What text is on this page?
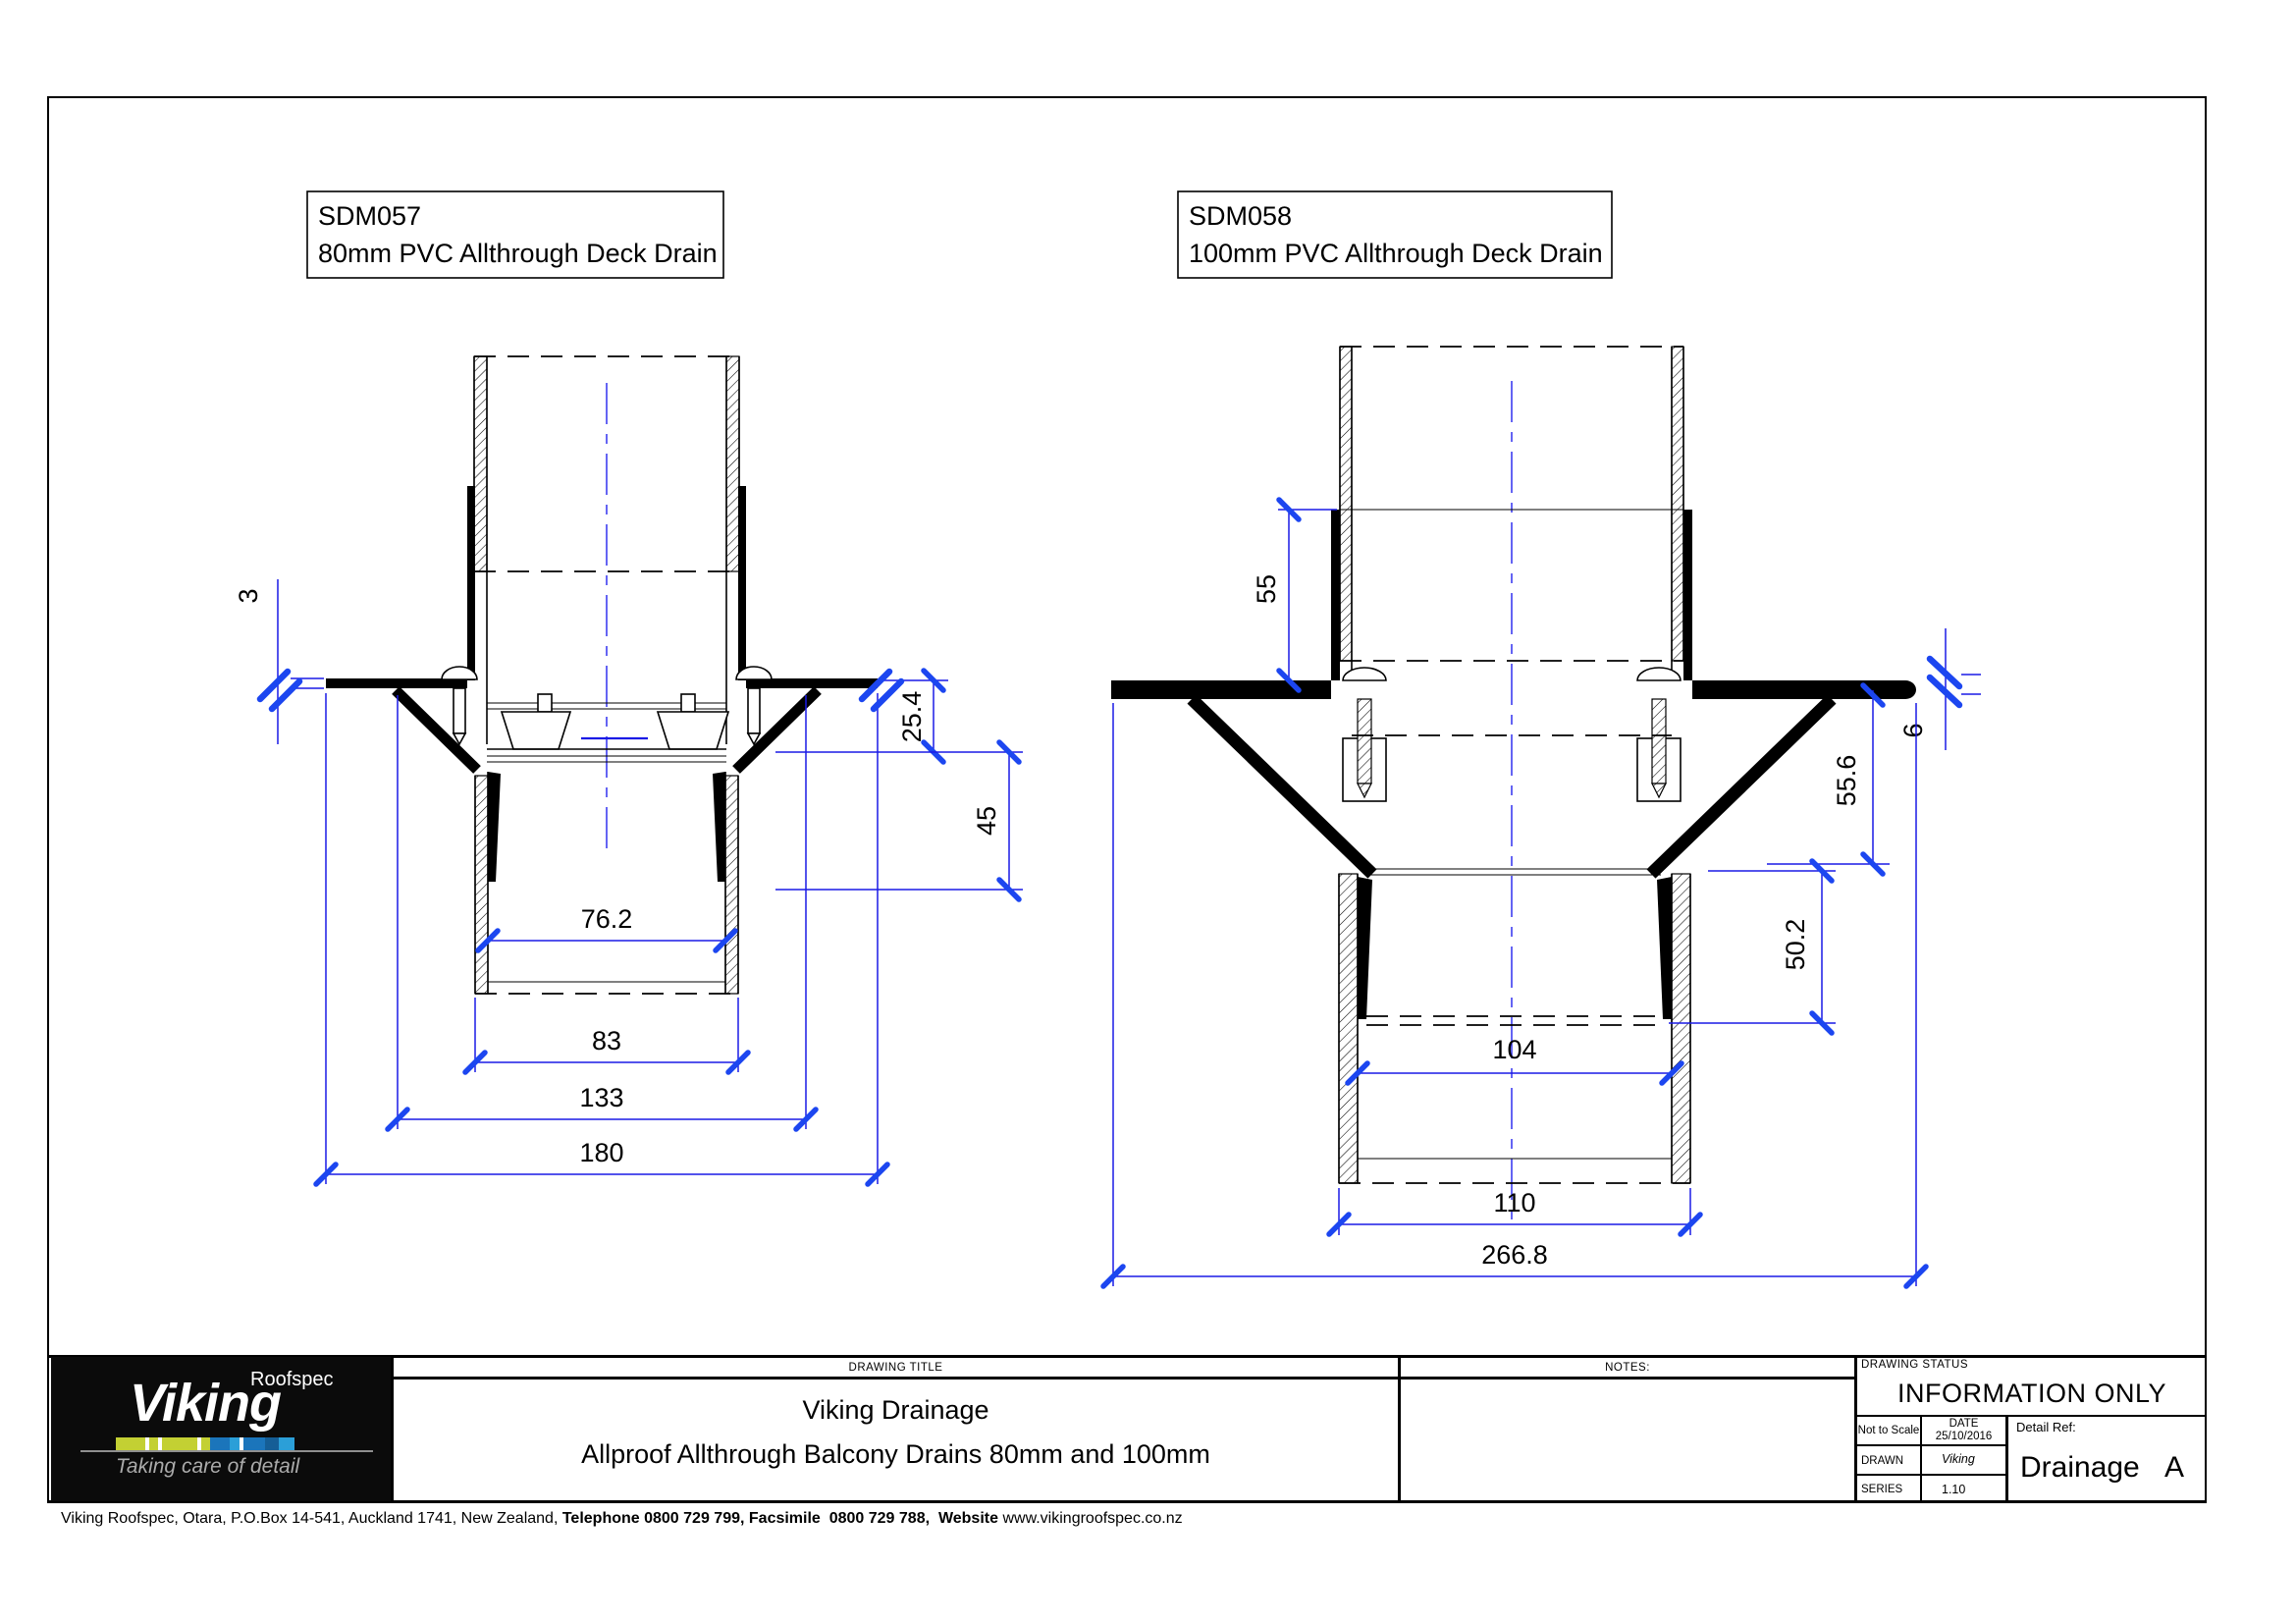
SDM057
80mm PVC Allthrough Deck Drain
76.2
83
133
180
25.4
45
3
SDM058
100mm PVC Allthrough Deck Drain
55
6
55.6
50.2
104
110
266.8
Roofspec
Viking
Taking care of detail
DRAWING TITLE
Viking Drainage
Allproof Allthrough Balcony Drains 80mm and 100mm
NOTES:	DRAWING STATUS
INFORMATION ONLY
Not to Scale
DATE
25/10/2016
DRAWN	Viking
SERIES	1.10
Detail Ref:
Drainage A
Viking Roofspec, Otara, P.O.Box 14-541, Auckland 1741, New Zealand, Telephone 0800 729 799, Facsimile 0800 729 788, Website www.vikingroofspec.co.nz
